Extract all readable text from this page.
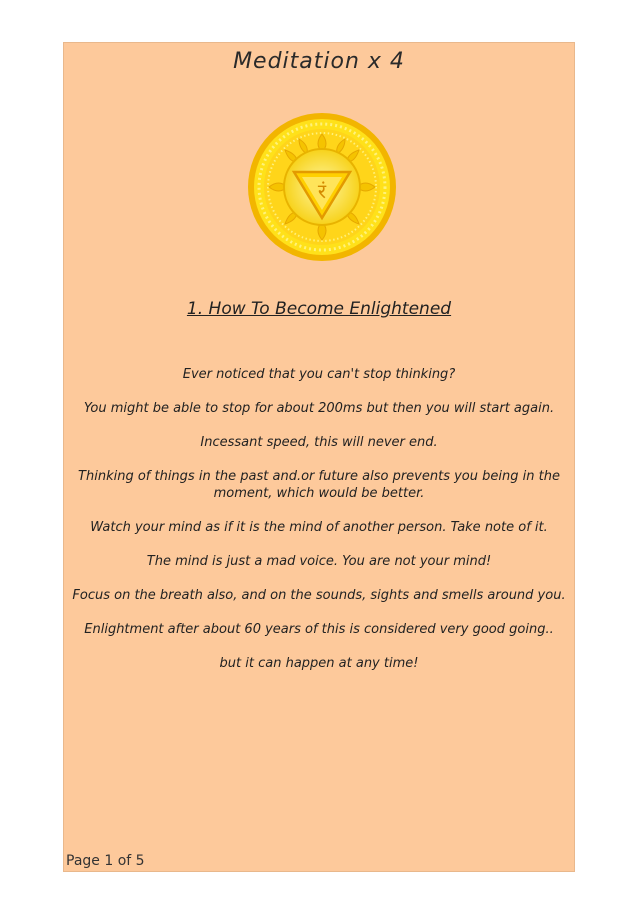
Meditation x 4
रं
1. How To Become Enlightened

Ever noticed that you can't stop thinking?

You might be able to stop for about 200ms but then you will start again.

Incessant speed, this will never end.

Thinking of things in the past and.or future also prevents you being in the moment, which would be better.

Watch your mind as if it is the mind of another person. Take note of it.

The mind is just a mad voice. You are not your mind!

Focus on the breath also, and on the sounds, sights and smells around you.

Enlightment after about 60 years of this is considered very good going..

but it can happen at any time!

Page 1 of 5
